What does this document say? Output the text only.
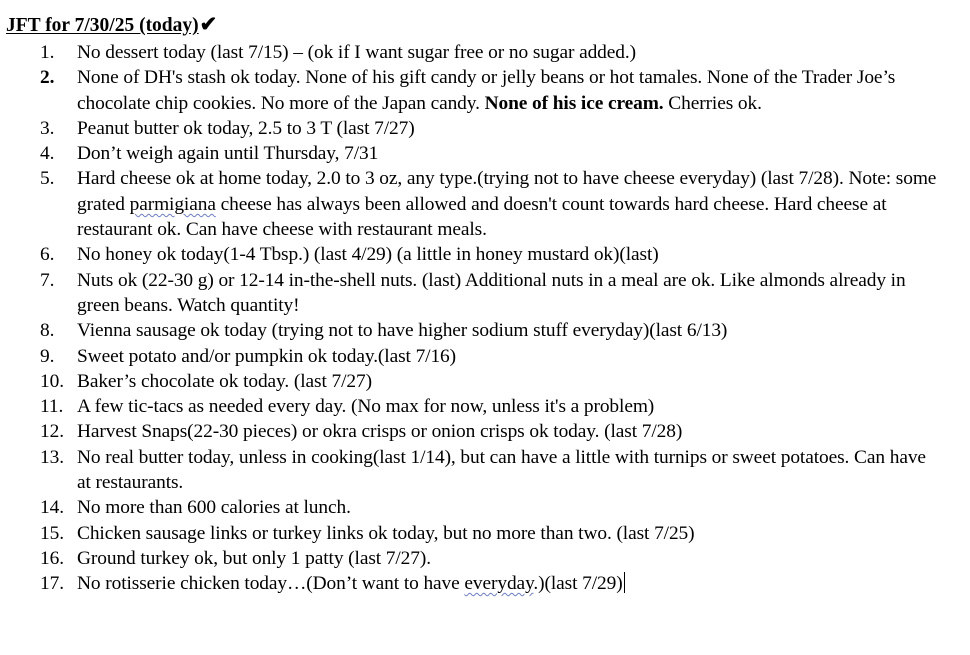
JFT for 7/30/25 (today)✔
1.	No dessert today (last 7/15) – (ok if I want sugar free or no sugar added.)
2.	None of DH's stash ok today. None of his gift candy or jelly beans or hot tamales. None of the Trader Joe’s chocolate chip cookies. No more of the Japan candy. None of his ice cream. Cherries ok.
3.	Peanut butter ok today, 2.5 to 3 T (last 7/27)
4.	Don’t weigh again until Thursday, 7/31
5.	Hard cheese ok at home today, 2.0 to 3 oz, any type.(trying not to have cheese everyday) (last 7/28). Note: some grated parmigiana cheese has always been allowed and doesn't count towards hard cheese. Hard cheese at restaurant ok. Can have cheese with restaurant meals.
6.	No honey ok today(1-4 Tbsp.) (last 4/29) (a little in honey mustard ok)(last)
7.	Nuts ok (22-30 g) or 12-14 in-the-shell nuts. (last) Additional nuts in a meal are ok. Like almonds already in green beans. Watch quantity!
8.	Vienna sausage ok today (trying not to have higher sodium stuff everyday)(last 6/13)
9.	Sweet potato and/or pumpkin ok today.(last 7/16)
10. Baker’s chocolate ok today. (last 7/27)
11. A few tic-tacs as needed every day. (No max for now, unless it's a problem)
12. Harvest Snaps(22-30 pieces) or okra crisps or onion crisps ok today. (last 7/28)
13. No real butter today, unless in cooking(last 1/14), but can have a little with turnips or sweet potatoes. Can have at restaurants.
14. No more than 600 calories at lunch.
15. Chicken sausage links or turkey links ok today, but no more than two. (last 7/25)
16. Ground turkey ok, but only 1 patty (last 7/27).
17. No rotisserie chicken today…(Don’t want to have everyday.)(last 7/29)
